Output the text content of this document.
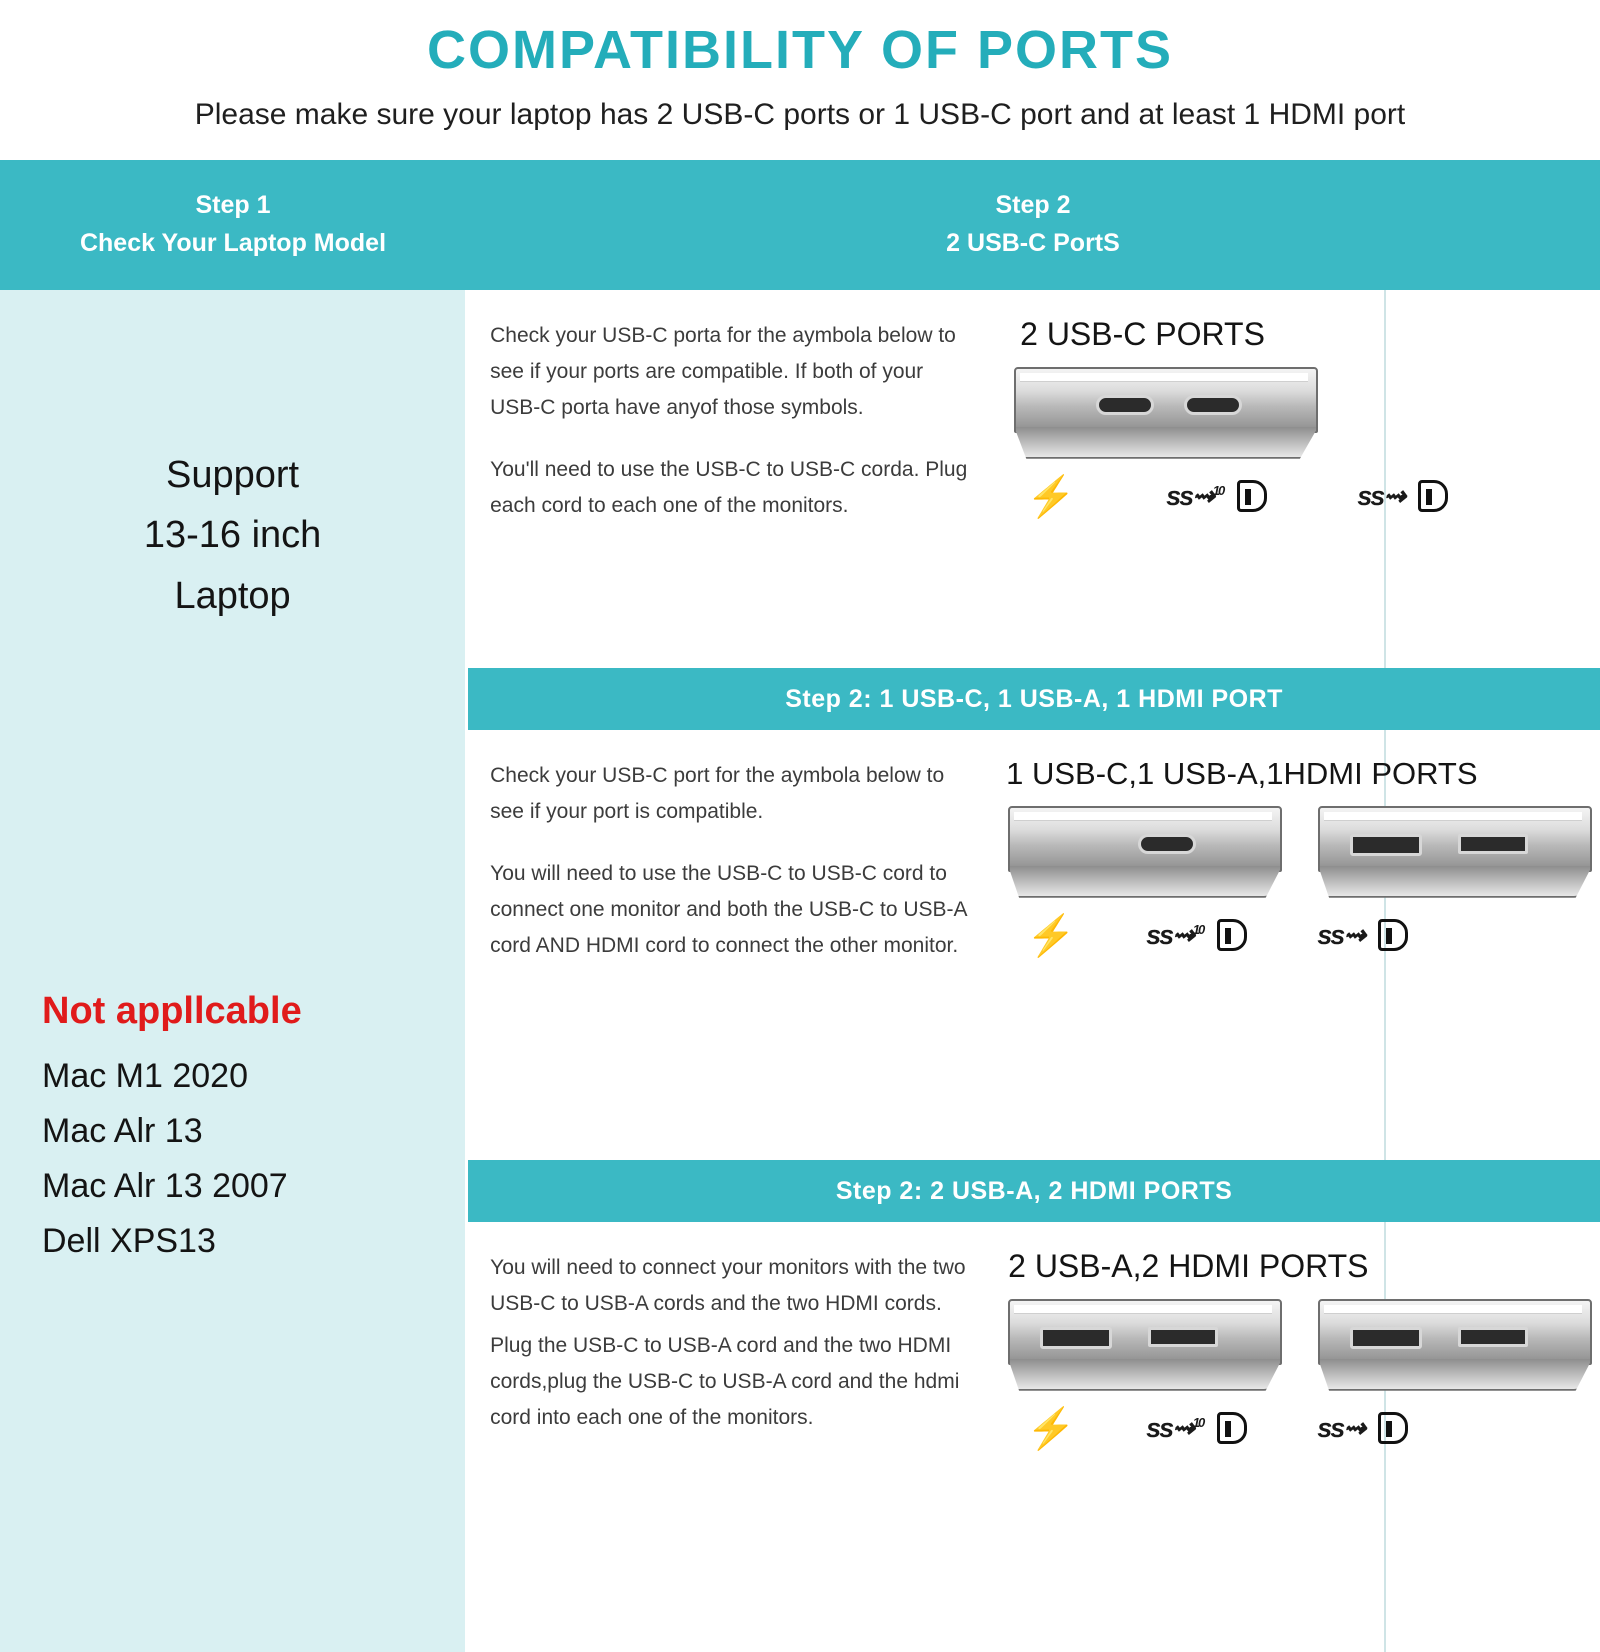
COMPATIBILITY OF PORTS
Please make sure your laptop has 2 USB-C ports or 1 USB-C port and at least 1 HDMI port
Step 1
Check Your Laptop Model
Step 2
2 USB-C PortS
Support
13-16 inch
Laptop
Not appllcable
Mac M1 2020
Mac Alr 13
Mac Alr 13 2007
Dell XPS13
Check your USB-C porta for the aymbola below to see if your ports are compatible. If both of your USB-C porta have anyof those symbols.
You'll need to use the USB-C to USB-C corda. Plug each cord to each one of the monitors.
2 USB-C PORTS
⚡	ss⇝$^{10}$	ss⇝
Step 2: 1 USB-C, 1 USB-A, 1 HDMI PORT
Check your USB-C port for the aymbola below to see if your port is compatible.
You will need to use the USB-C to USB-C cord to connect one monitor and both the USB-C to USB-A cord AND HDMI cord to connect the other monitor.
1 USB-C,1 USB-A,1HDMI PORTS
⚡	ss⇝$^{10}$	ss⇝
Step 2: 2 USB-A, 2 HDMI PORTS
You will need to connect your monitors with the two USB-C to USB-A cords and the two HDMI cords.
Plug the USB-C to USB-A cord and the two HDMI cords,plug the USB-C to USB-A cord and the hdmi cord into each one of the monitors.
2 USB-A,2 HDMI PORTS
⚡	ss⇝$^{10}$	ss⇝
